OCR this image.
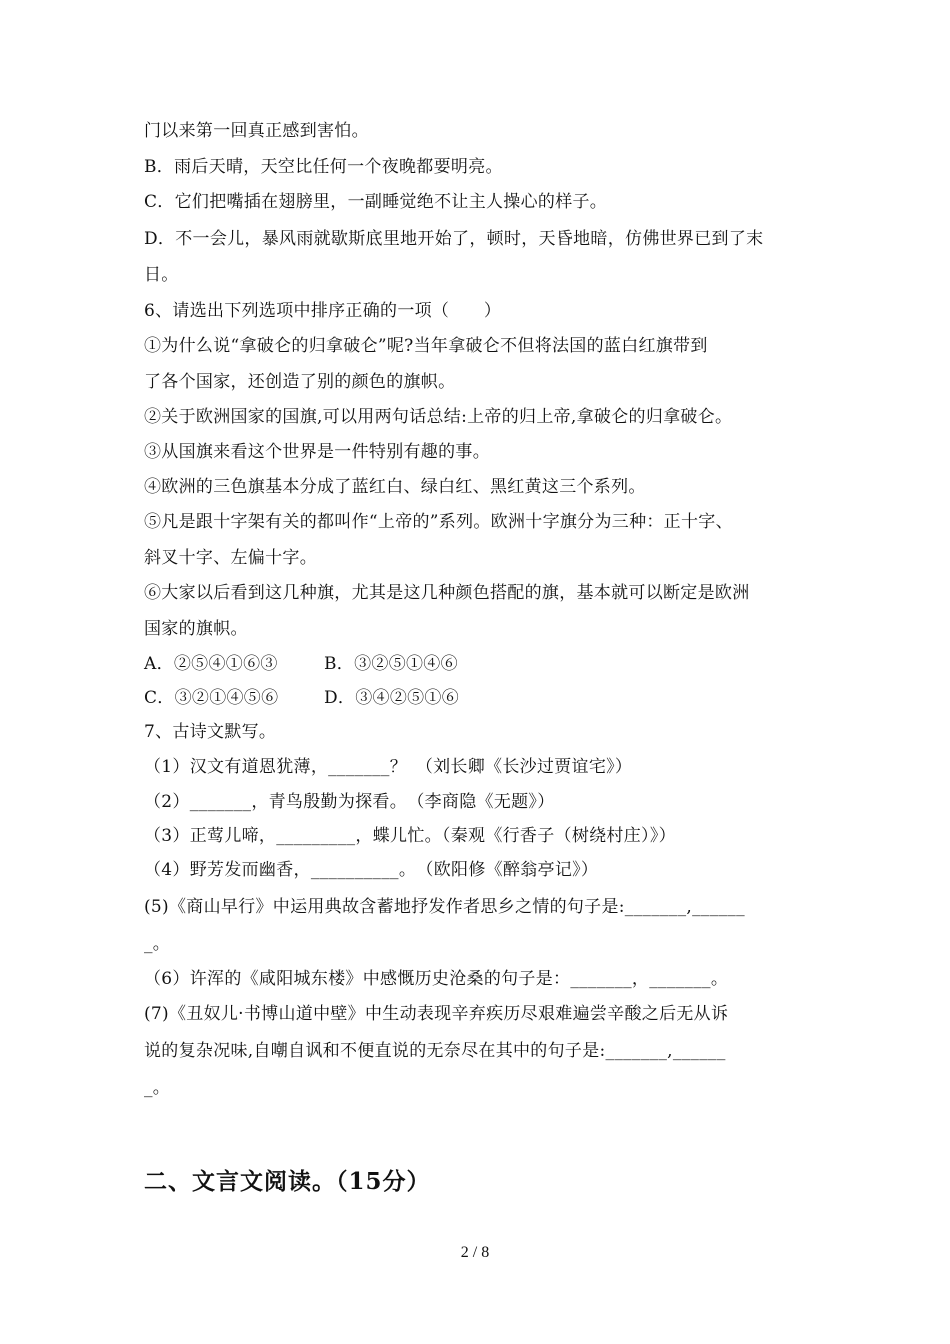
门以来第一回真正感到害怕。
B．雨后天晴，天空比任何一个夜晚都要明亮。
C．它们把嘴插在翅膀里，一副睡觉绝不让主人操心的样子。
D．不一会儿，暴风雨就歇斯底里地开始了，顿时，天昏地暗，仿佛世界已到了末
日。
6、请选出下列选项中排序正确的一项（　　）
①为什么说“拿破仑的归拿破仑”呢?当年拿破仑不但将法国的蓝白红旗带到
了各个国家，还创造了别的颜色的旗帜。
②关于欧洲国家的国旗,可以用两句话总结:上帝的归上帝,拿破仑的归拿破仑。
③从国旗来看这个世界是一件特别有趣的事。
④欧洲的三色旗基本分成了蓝红白、绿白红、黑红黄这三个系列。
⑤凡是跟十字架有关的都叫作“上帝的”系列。欧洲十字旗分为三种：正十字、
斜叉十字、左偏十字。
⑥大家以后看到这几种旗，尤其是这几种颜色搭配的旗，基本就可以断定是欧洲
国家的旗帜。
A．②⑤④①⑥③	B．③②⑤①④⑥
C．③②①④⑤⑥	D．③④②⑤①⑥
7、古诗文默写。
（1）汉文有道恩犹薄，_______？　（刘长卿《长沙过贾谊宅》）
（2）_______，青鸟殷勤为探看。　（李商隐《无题》）
（3）正莺儿啼，_________，蝶儿忙。（秦观《行香子（树绕村庄）》）
（4）野芳发而幽香，__________。　（欧阳修《醉翁亭记》）
(5)《商山早行》中运用典故含蓄地抒发作者思乡之情的句子是:_______,______
_。
（6）许浑的《咸阳城东楼》中感慨历史沧桑的句子是：_______，_______。
(7)《丑奴儿·书博山道中壁》中生动表现辛弃疾历尽艰难遍尝辛酸之后无从诉
说的复杂况味,自嘲自讽和不便直说的无奈尽在其中的句子是:_______,______
_。
二、文言文阅读。（15分）
2 / 8
